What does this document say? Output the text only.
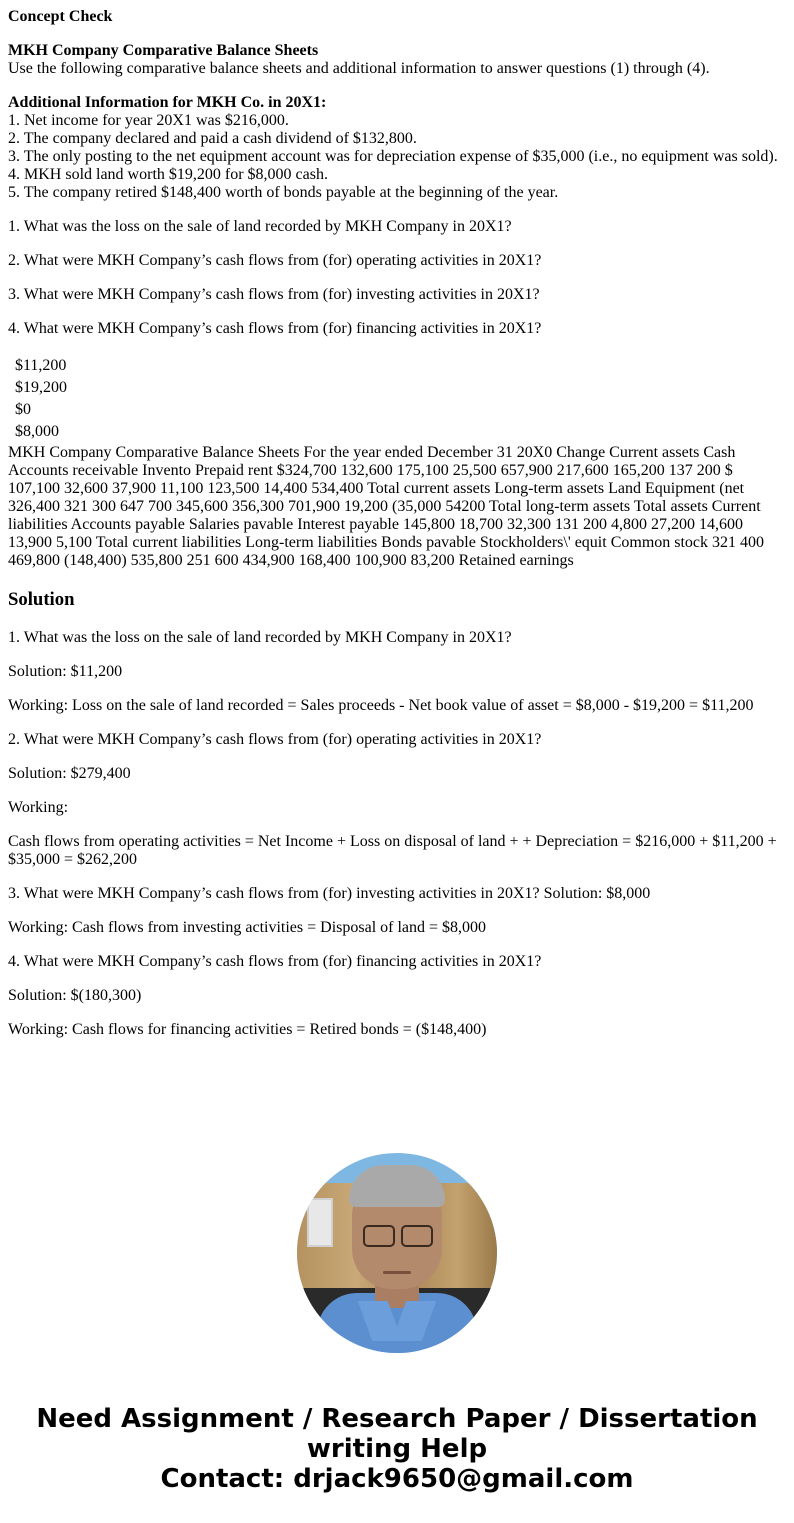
Concept Check
MKH Company Comparative Balance Sheets
Use the following comparative balance sheets and additional information to answer questions (1) through (4).
Additional Information for MKH Co. in 20X1:
1. Net income for year 20X1 was $216,000.
2. The company declared and paid a cash dividend of $132,800.
3. The only posting to the net equipment account was for depreciation expense of $35,000 (i.e., no equipment was sold).
4. MKH sold land worth $19,200 for $8,000 cash.
5. The company retired $148,400 worth of bonds payable at the beginning of the year.

1. What was the loss on the sale of land recorded by MKH Company in 20X1?

2. What were MKH Company’s cash flows from (for) operating activities in 20X1?

3. What were MKH Company’s cash flows from (for) investing activities in 20X1?

4. What were MKH Company’s cash flows from (for) financing activities in 20X1?

$11,200
$19,200
$0
$8,000
MKH Company Comparative Balance Sheets For the year ended December 31 20X0 Change Current assets Cash Accounts receivable Invento Prepaid rent $324,700 132,600 175,100 25,500 657,900 217,600 165,200 137 200 $ 107,100 32,600 37,900 11,100 123,500 14,400 534,400 Total current assets Long-term assets Land Equipment (net 326,400 321 300 647 700 345,600 356,300 701,900 19,200 (35,000 54200 Total long-term assets Total assets Current liabilities Accounts payable Salaries pavable Interest payable 145,800 18,700 32,300 131 200 4,800 27,200 14,600 13,900 5,100 Total current liabilities Long-term liabilities Bonds pavable Stockholders\' equit Common stock 321 400 469,800 (148,400) 535,800 251 600 434,900 168,400 100,900 83,200 Retained earnings
Solution

1. What was the loss on the sale of land recorded by MKH Company in 20X1?

Solution: $11,200

Working: Loss on the sale of land recorded = Sales proceeds - Net book value of asset = $8,000 - $19,200 = $11,200

2. What were MKH Company’s cash flows from (for) operating activities in 20X1?

Solution: $279,400

Working:

Cash flows from operating activities = Net Income + Loss on disposal of land + + Depreciation = $216,000 + $11,200 + $35,000 = $262,200

3. What were MKH Company’s cash flows from (for) investing activities in 20X1? Solution: $8,000

Working: Cash flows from investing activities = Disposal of land = $8,000

4. What were MKH Company’s cash flows from (for) financing activities in 20X1?

Solution: $(180,300)

Working: Cash flows for financing activities = Retired bonds = ($148,400)

Need Assignment / Research Paper / Dissertation
writing Help
Contact: drjack9650@gmail.com
